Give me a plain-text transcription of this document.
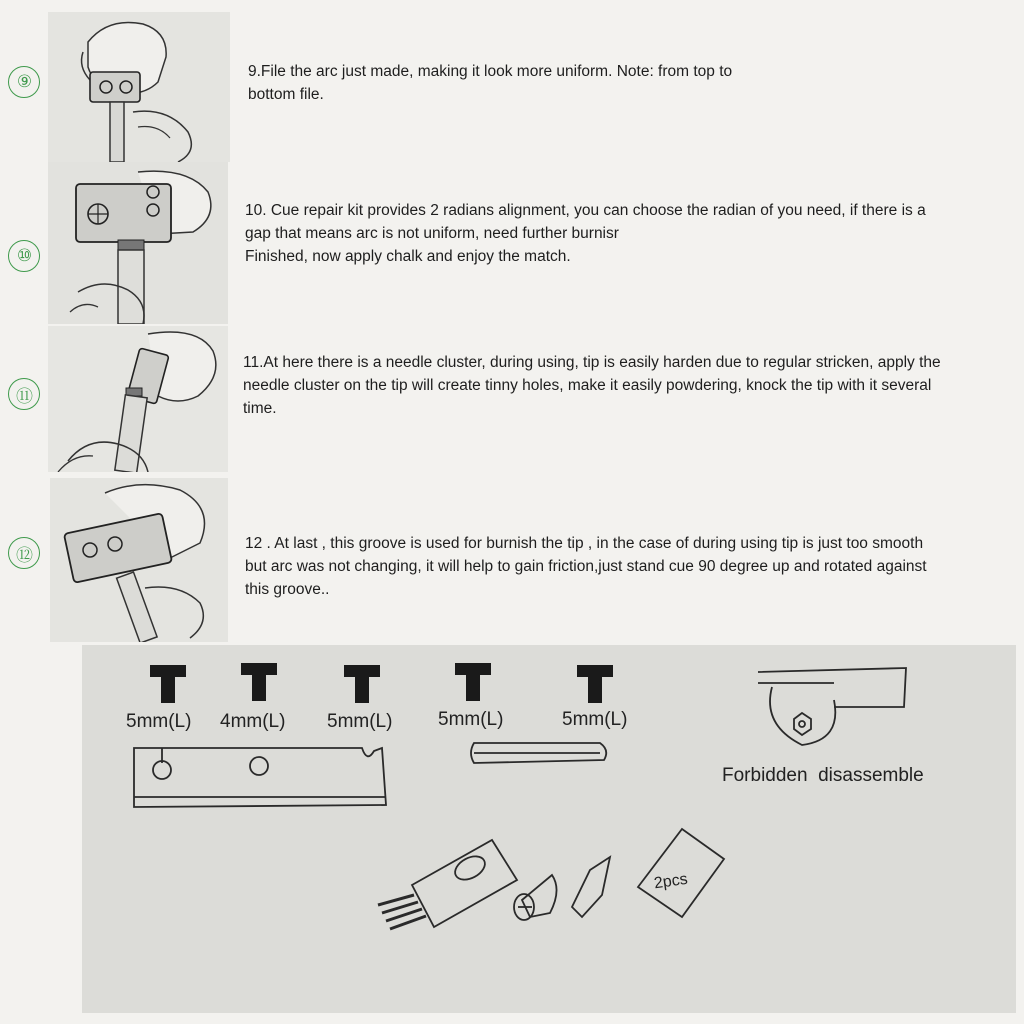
⑨
9.File the arc just made, making it look more uniform. Note: from top to
bottom file.
⑩
10. Cue repair kit provides 2 radians alignment, you can choose the radian of you need, if there is a
gap that means arc is not uniform, need further burnisr
Finished, now apply chalk and enjoy the match.
⑪
11.At here there is a needle cluster, during using, tip is easily harden due to regular stricken, apply the
needle cluster on the tip will create tinny holes, make it easily powdering, knock the tip with it several
time.
⑫
12 . At last , this groove is used for burnish the tip , in the case of during using tip is just too smooth
but arc was not changing, it will help to gain friction,just stand cue 90 degree up and rotated against
this groove..
5mm(L) 4mm(L) 5mm(L) 5mm(L)	5mm(L)
Forbidden  disassemble
2pcs
